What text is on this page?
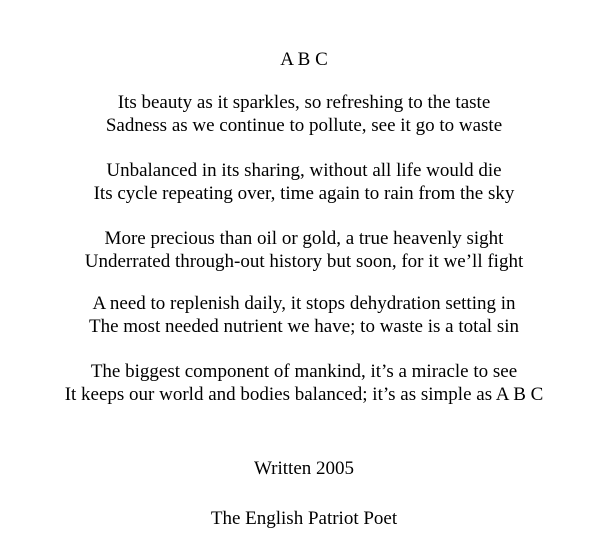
A B C
Its beauty as it sparkles, so refreshing to the taste
Sadness as we continue to pollute, see it go to waste
Unbalanced in its sharing, without all life would die
Its cycle repeating over, time again to rain from the sky
More precious than oil or gold, a true heavenly sight
Underrated through-out history but soon, for it we’ll fight
A need to replenish daily, it stops dehydration setting in
The most needed nutrient we have; to waste is a total sin
The biggest component of mankind, it’s a miracle to see
It keeps our world and bodies balanced; it’s as simple as A B C
Written 2005
The English Patriot Poet
